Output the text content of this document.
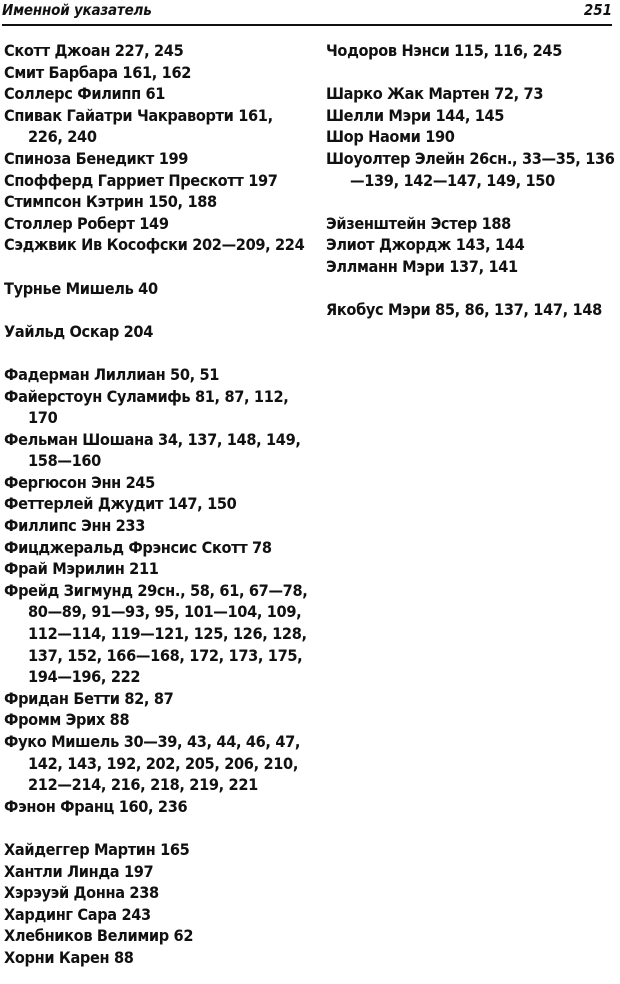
Именной указатель	251

Скотт Джоан 227, 245

Смит Барбара 161, 162

Соллерс Филипп 61

Спивак Гайатри Чакраворти 161, 226, 240

Спиноза Бенедикт 199

Спофферд Гарриет Прескотт 197

Стимпсон Кэтрин 150, 188

Столлер Роберт 149

Сэджвик Ив Кософски 202—209, 224

Турнье Мишель 40

Уайльд Оскар 204

Фадерман Лиллиан 50, 51

Файерстоун Суламифь 81, 87, 112, 170

Фельман Шошана 34, 137, 148, 149, 158—160

Фергюсон Энн 245

Феттерлей Джудит 147, 150

Филлипс Энн 233

Фицджеральд Фрэнсис Скотт 78

Фрай Мэрилин 211

Фрейд Зигмунд 29сн., 58, 61, 67—78, 80—89, 91—93, 95, 101—104, 109, 112—114, 119—121, 125, 126, 128, 137, 152, 166—168, 172, 173, 175, 194—196, 222

Фридан Бетти 82, 87

Фромм Эрих 88

Фуко Мишель 30—39, 43, 44, 46, 47, 142, 143, 192, 202, 205, 206, 210, 212—214, 216, 218, 219, 221

Фэнон Франц 160, 236

Хайдеггер Мартин 165

Хантли Линда 197

Хэрэуэй Донна 238

Хардинг Сара 243

Хлебников Велимир 62

Хорни Карен 88

Чодоров Нэнси 115, 116, 245

Шарко Жак Мартен 72, 73

Шелли Мэри 144, 145

Шор Наоми 190

Шоуолтер Элейн 26сн., 33—35, 136—139, 142—147, 149, 150

Эйзенштейн Эстер 188

Элиот Джордж 143, 144

Эллманн Мэри 137, 141

Якобус Мэри 85, 86, 137, 147, 148
